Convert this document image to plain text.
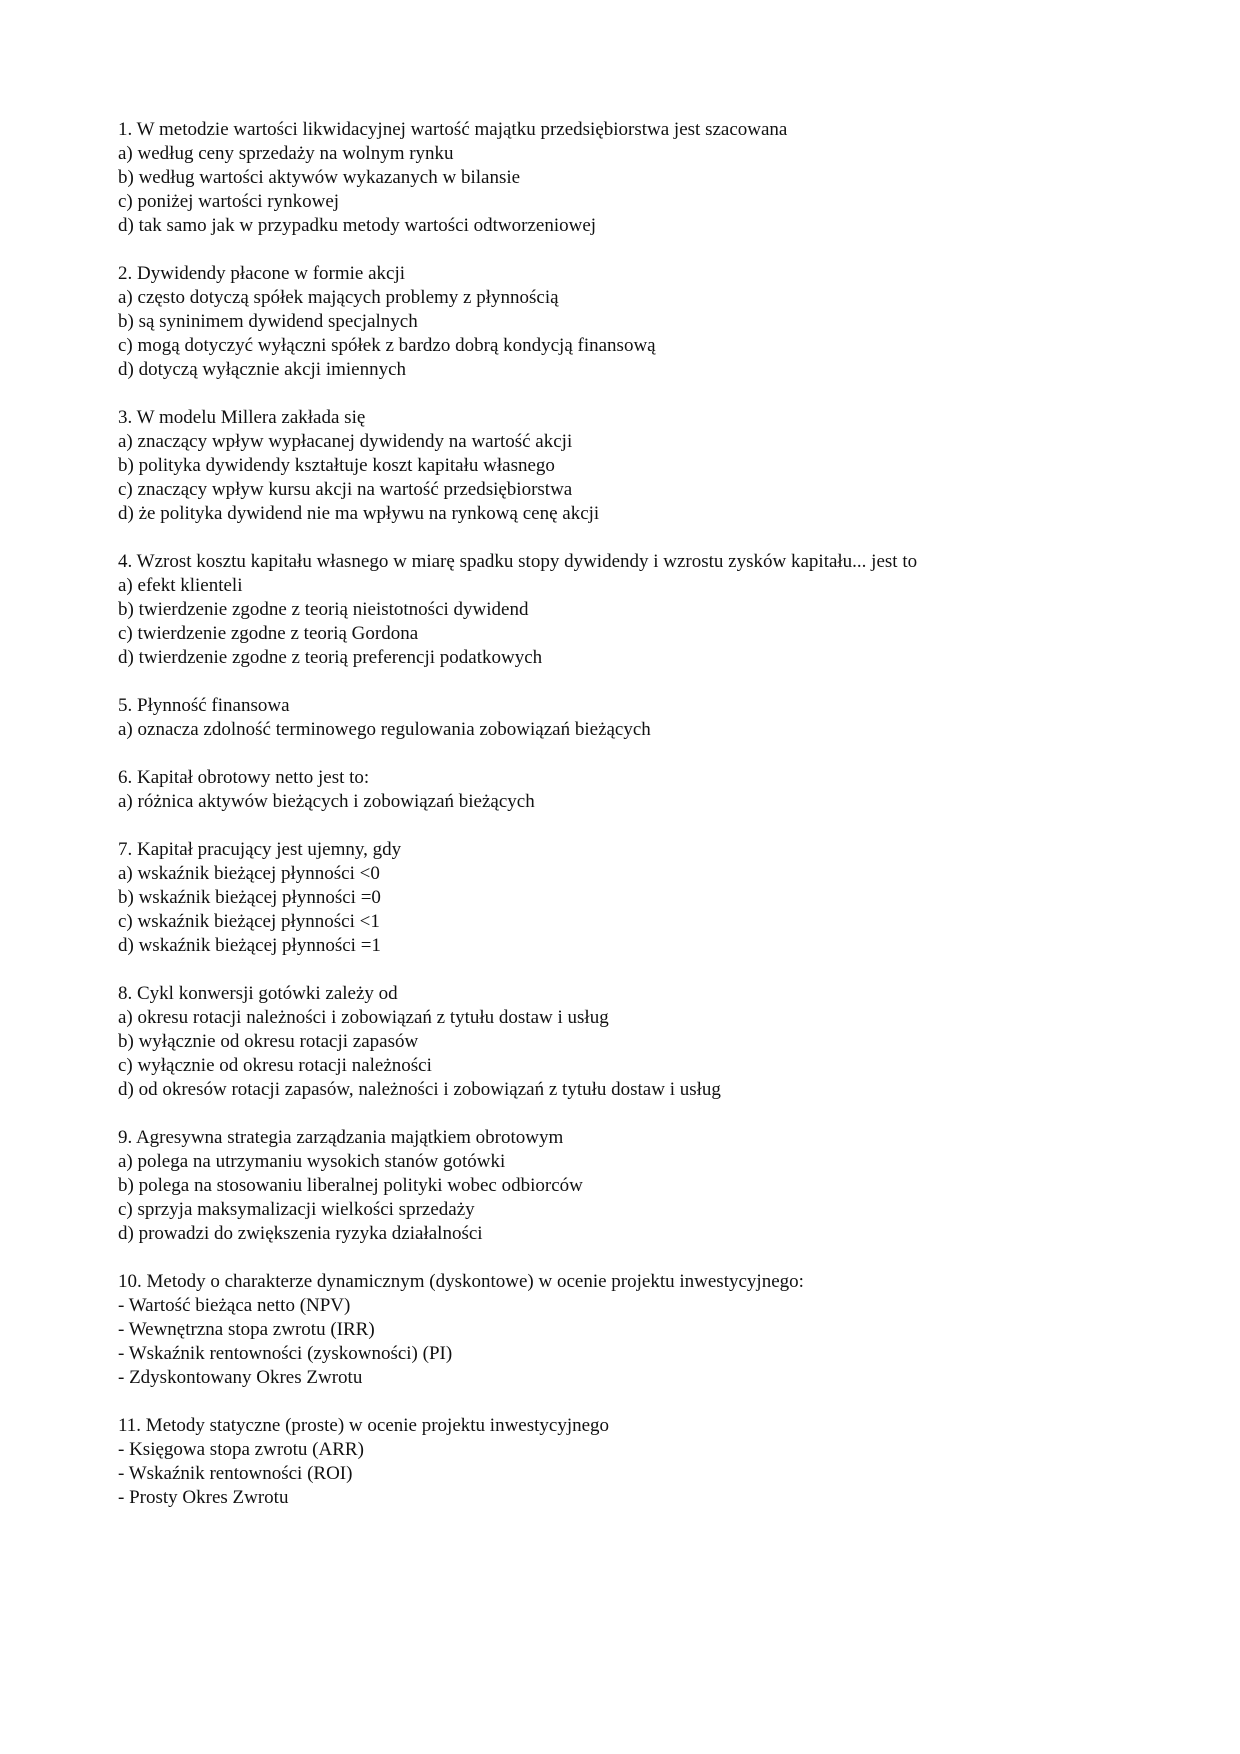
1. W metodzie wartości likwidacyjnej wartość majątku przedsiębiorstwa jest szacowana
a) według ceny sprzedaży na wolnym rynku
b) według wartości aktywów wykazanych w bilansie
c) poniżej wartości rynkowej
d) tak samo jak w przypadku metody wartości odtworzeniowej
2. Dywidendy płacone w formie akcji
a) często dotyczą spółek mających problemy z płynnością
b) są syninimem dywidend specjalnych
c) mogą dotyczyć wyłączni spółek z bardzo dobrą kondycją finansową
d) dotyczą wyłącznie akcji imiennych
3. W modelu Millera zakłada się
a) znaczący wpływ wypłacanej dywidendy na wartość akcji
b) polityka dywidendy kształtuje koszt kapitału własnego
c) znaczący wpływ kursu akcji na wartość przedsiębiorstwa
d) że polityka dywidend nie ma wpływu na rynkową cenę akcji
4. Wzrost kosztu kapitału własnego w miarę spadku stopy dywidendy i wzrostu zysków kapitału... jest to
a) efekt klienteli
b) twierdzenie zgodne z teorią nieistotności dywidend
c) twierdzenie zgodne z teorią Gordona
d) twierdzenie zgodne z teorią preferencji podatkowych
5. Płynność finansowa
a) oznacza zdolność terminowego regulowania zobowiązań bieżących
6. Kapitał obrotowy netto jest to:
a) różnica aktywów bieżących i zobowiązań bieżących
7. Kapitał pracujący jest ujemny, gdy
a) wskaźnik bieżącej płynności <0
b) wskaźnik bieżącej płynności =0
c) wskaźnik bieżącej płynności <1
d) wskaźnik bieżącej płynności =1
8. Cykl konwersji gotówki zależy od
a) okresu rotacji należności i zobowiązań z tytułu dostaw i usług
b) wyłącznie od okresu rotacji zapasów
c) wyłącznie od okresu rotacji należności
d) od okresów rotacji zapasów, należności i zobowiązań z tytułu dostaw i usług
9. Agresywna strategia zarządzania majątkiem obrotowym
a) polega na utrzymaniu wysokich stanów gotówki
b) polega na stosowaniu liberalnej polityki wobec odbiorców
c) sprzyja maksymalizacji wielkości sprzedaży
d) prowadzi do zwiększenia ryzyka działalności
10. Metody o charakterze dynamicznym (dyskontowe) w ocenie projektu inwestycyjnego:
- Wartość bieżąca netto (NPV)
- Wewnętrzna stopa zwrotu (IRR)
- Wskaźnik rentowności (zyskowności) (PI)
- Zdyskontowany Okres Zwrotu
11. Metody statyczne (proste) w ocenie projektu inwestycyjnego
- Księgowa stopa zwrotu (ARR)
- Wskaźnik rentowności (ROI)
- Prosty Okres Zwrotu
